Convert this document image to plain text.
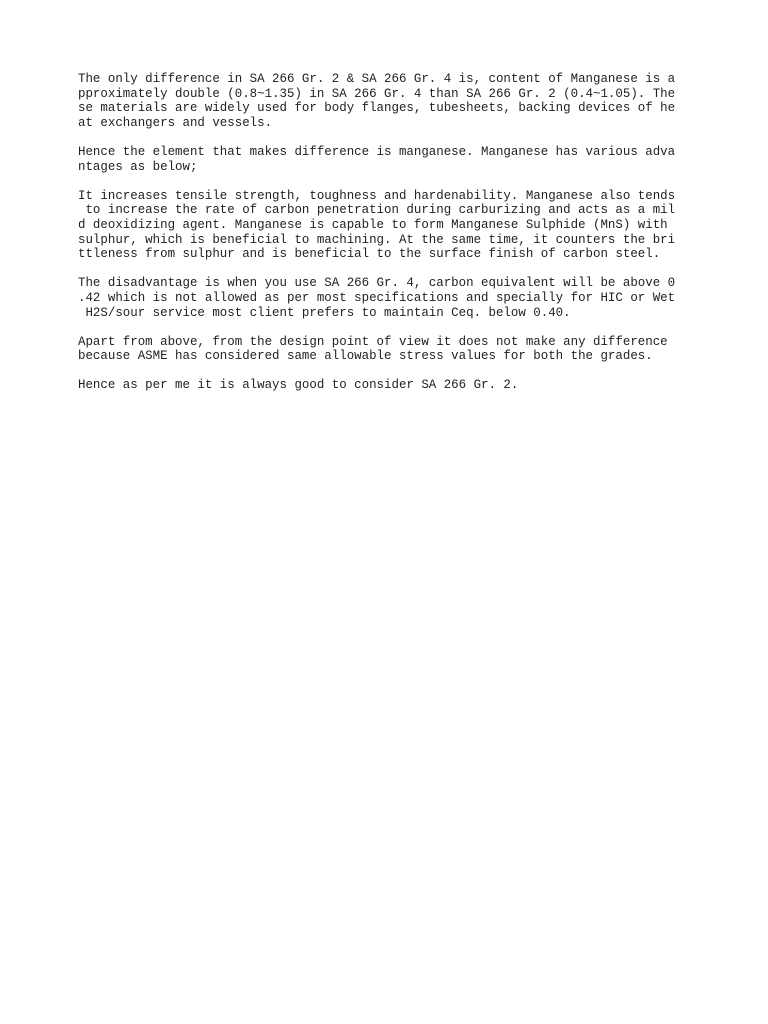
The only difference in SA 266 Gr. 2 & SA 266 Gr. 4 is, content of Manganese is a
pproximately double (0.8~1.35) in SA 266 Gr. 4 than SA 266 Gr. 2 (0.4~1.05). The
se materials are widely used for body flanges, tubesheets, backing devices of he
at exchangers and vessels.
Hence the element that makes difference is manganese. Manganese has various adva
ntages as below;
It increases tensile strength, toughness and hardenability. Manganese also tends
to increase the rate of carbon penetration during carburizing and acts as a mil
d deoxidizing agent. Manganese is capable to form Manganese Sulphide (MnS) with
sulphur, which is beneficial to machining. At the same time, it counters the bri
ttleness from sulphur and is beneficial to the surface finish of carbon steel.
The disadvantage is when you use SA 266 Gr. 4, carbon equivalent will be above 0
.42 which is not allowed as per most specifications and specially for HIC or Wet
H2S/sour service most client prefers to maintain Ceq. below 0.40.
Apart from above, from the design point of view it does not make any difference
because ASME has considered same allowable stress values for both the grades.
Hence as per me it is always good to consider SA 266 Gr. 2.
